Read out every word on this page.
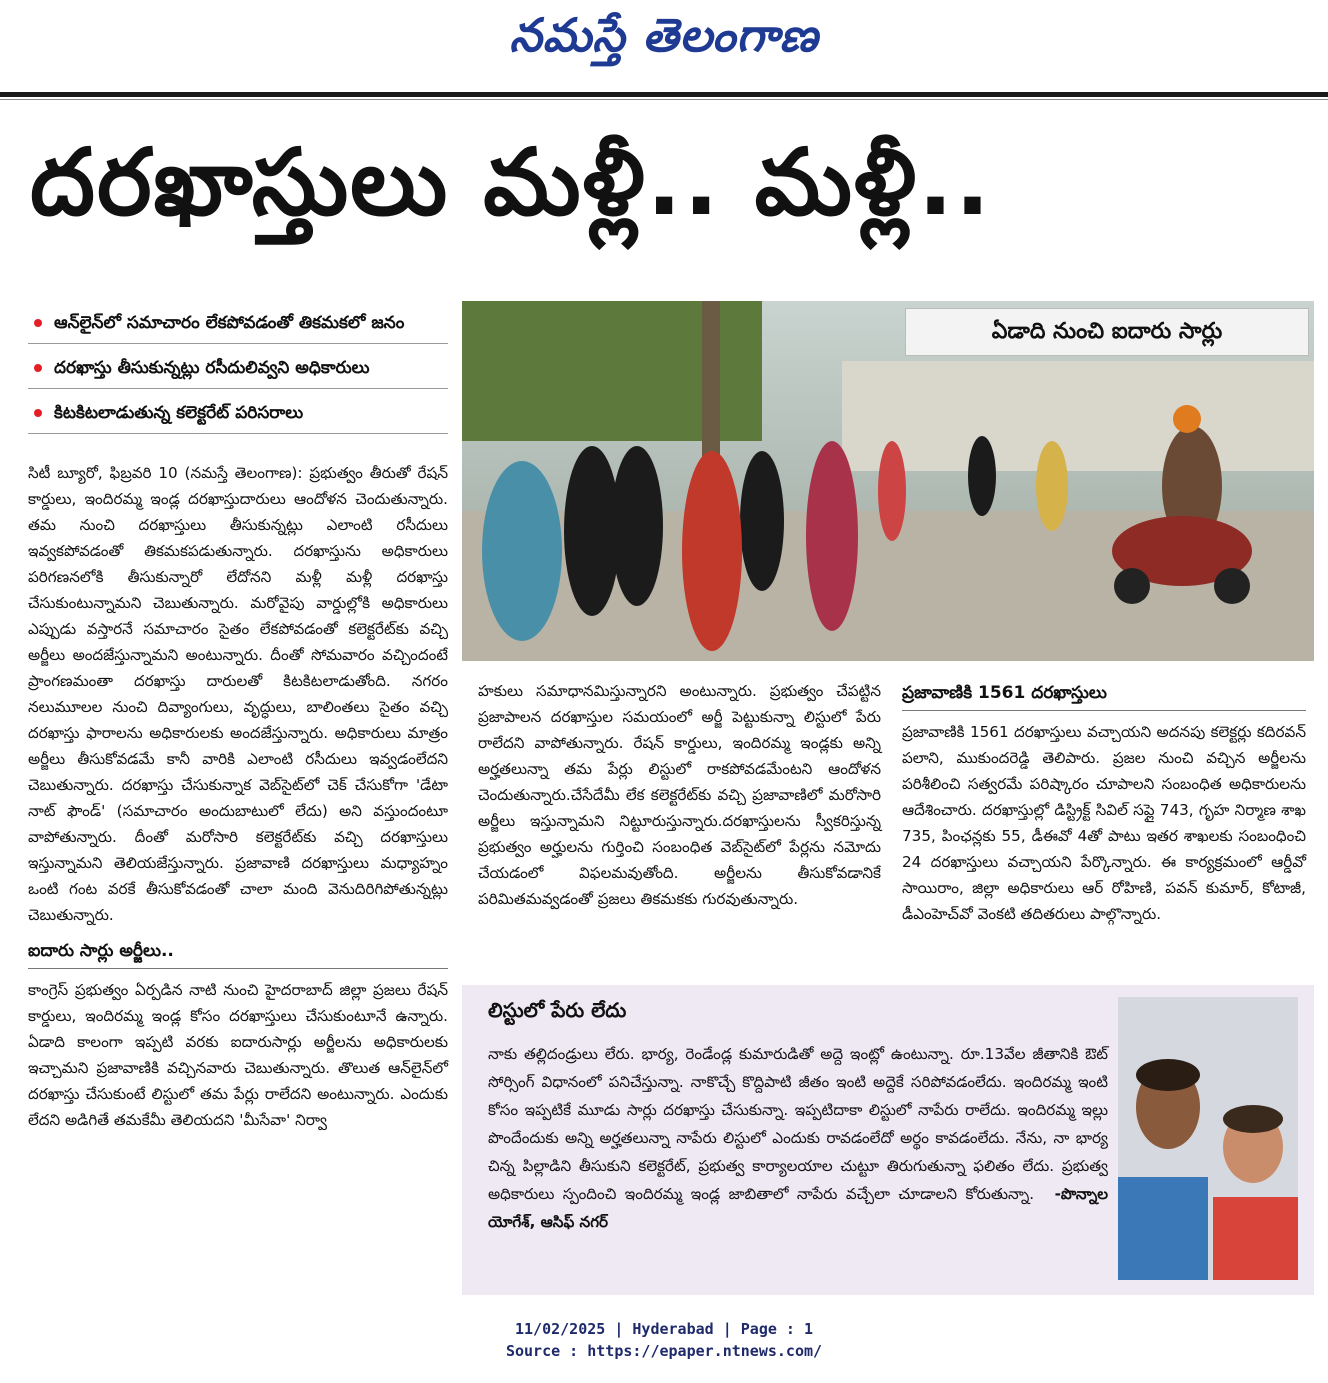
నమస్తే తెలంగాణ
దరఖాస్తులు మళ్లీ.. మళ్లీ..
ఆన్‌లైన్‌లో సమాచారం లేకపోవడంతో తికమకలో జనం
దరఖాస్తు తీసుకున్నట్లు రసీదులివ్వని అధికారులు
కిటకిటలాడుతున్న కలెక్టరేట్ పరిసరాలు
సిటీ బ్యూరో, ఫిబ్రవరి 10 (నమస్తే తెలంగాణ): ప్రభుత్వం తీరుతో రేషన్ కార్డులు, ఇందిరమ్మ ఇండ్ల దరఖాస్తుదారులు ఆందోళన చెందుతున్నారు. తమ నుంచి దరఖాస్తులు తీసుకున్నట్లు ఎలాంటి రసీదులు ఇవ్వకపోవడంతో తికమకపడుతున్నారు. దరఖాస్తును అధికారులు పరిగణనలోకి తీసుకున్నారో లేదోనని మళ్లీ మళ్లీ దరఖాస్తు చేసుకుంటున్నామని చెబుతున్నారు. మరోవైపు వార్డుల్లోకి అధికారులు ఎప్పుడు వస్తారనే సమాచారం సైతం లేకపోవడంతో కలెక్టరేట్‌కు వచ్చి అర్జీలు అందజేస్తున్నామని అంటున్నారు. దీంతో సోమవారం వచ్చిందంటే ప్రాంగణమంతా దరఖాస్తు దారులతో కిటకిటలాడుతోంది. నగరం నలుమూలల నుంచి దివ్యాంగులు, వృద్ధులు, బాలింతలు సైతం వచ్చి దరఖాస్తు ఫారాలను అధికారులకు అందజేస్తున్నారు. అధికారులు మాత్రం అర్జీలు తీసుకోవడమే కానీ వారికి ఎలాంటి రసీదులు ఇవ్వడంలేదని చెబుతున్నారు. దరఖాస్తు చేసుకున్నాక వెబ్‌సైట్‌లో చెక్ చేసుకోగా 'డేటా నాట్ ఫౌండ్' (సమాచారం అందుబాటులో లేదు) అని వస్తుందంటూ వాపోతున్నారు. దీంతో మరోసారి కలెక్టరేట్‌కు వచ్చి దరఖాస్తులు ఇస్తున్నామని తెలియజేస్తున్నారు. ప్రజావాణి దరఖాస్తులు మధ్యాహ్నం ఒంటి గంట వరకే తీసుకోవడంతో చాలా మంది వెనుదిరిగిపోతున్నట్లు చెబుతున్నారు.
ఐదారు సార్లు అర్జీలు..
కాంగ్రెస్ ప్రభుత్వం ఏర్పడిన నాటి నుంచి హైదరాబాద్ జిల్లా ప్రజలు రేషన్ కార్డులు, ఇందిరమ్మ ఇండ్ల కోసం దరఖాస్తులు చేసుకుంటూనే ఉన్నారు. ఏడాది కాలంగా ఇప్పటి వరకు ఐదారుసార్లు అర్జీలను అధికారులకు ఇచ్చామని ప్రజావాణికి వచ్చినవారు చెబుతున్నారు. తొలుత ఆన్‌లైన్‌లో దరఖాస్తు చేసుకుంటే లిస్టులో తమ పేర్లు రాలేదని అంటున్నారు. ఎందుకు లేదని అడిగితే తమకేమీ తెలియదని 'మీసేవా' నిర్వా
ఏడాది నుంచి ఐదారు సార్లు
హకులు సమాధానమిస్తున్నారని అంటున్నారు. ప్రభుత్వం చేపట్టిన ప్రజాపాలన దరఖాస్తుల సమయంలో అర్జీ పెట్టుకున్నా లిస్టులో పేరు రాలేదని వాపోతున్నారు. రేషన్ కార్డులు, ఇందిరమ్మ ఇండ్లకు అన్ని అర్హతలున్నా తమ పేర్లు లిస్టులో రాకపోవడమేంటని ఆందోళన చెందుతున్నారు.చేసేదేమీ లేక కలెక్టరేట్‌కు వచ్చి ప్రజావాణిలో మరోసారి అర్జీలు ఇస్తున్నామని నిట్టూరుస్తున్నారు.దరఖాస్తులను స్వీకరిస్తున్న ప్రభుత్వం అర్హులను గుర్తించి సంబంధిత వెబ్‌సైట్‌లో పేర్లను నమోదు చేయడంలో విఫలమవుతోంది. అర్జీలను తీసుకోవడానికే పరిమితమవ్వడంతో ప్రజలు తికమకకు గురవుతున్నారు.
ప్రజావాణికి 1561 దరఖాస్తులు
ప్రజావాణికి 1561 దరఖాస్తులు వచ్చాయని అదనపు కలెక్టర్లు కదిరవన్ పలాని, ముకుందరెడ్డి తెలిపారు. ప్రజల నుంచి వచ్చిన అర్జీలను పరిశీలించి సత్వరమే పరిష్కారం చూపాలని సంబంధిత అధికారులను ఆదేశించారు. దరఖాస్తుల్లో డిస్ట్రిక్ట్ సివిల్ సప్లై 743, గృహ నిర్మాణ శాఖ 735, పింఛన్లకు 55, డీఈవో 4తో పాటు ఇతర శాఖలకు సంబంధించి 24 దరఖాస్తులు వచ్చాయని పేర్కొన్నారు. ఈ కార్యక్రమంలో ఆర్డీవో సాయిరాం, జిల్లా అధికారులు ఆర్ రోహిణి, పవన్ కుమార్, కోటాజీ, డీఎంహెచ్‌వో వెంకటి తదితరులు పాల్గొన్నారు.
లిస్టులో పేరు లేదు
నాకు తల్లిదండ్రులు లేరు. భార్య, రెండేండ్ల కుమారుడితో అద్దె ఇంట్లో ఉంటున్నా. రూ.13వేల జీతానికి ఔట్ సోర్సింగ్ విధానంలో పనిచేస్తున్నా. నాకొచ్చే కొద్దిపాటి జీతం ఇంటి అద్దెకే సరిపోవడంలేదు. ఇందిరమ్మ ఇంటి కోసం ఇప్పటికే మూడు సార్లు దరఖాస్తు చేసుకున్నా. ఇప్పటిదాకా లిస్టులో నాపేరు రాలేదు. ఇందిరమ్మ ఇల్లు పొందేందుకు అన్ని అర్హతలున్నా నాపేరు లిస్టులో ఎందుకు రావడంలేదో అర్థం కావడంలేదు. నేను, నా భార్య చిన్న పిల్లాడిని తీసుకుని కలెక్టరేట్, ప్రభుత్వ కార్యాలయాల చుట్టూ తిరుగుతున్నా ఫలితం లేదు. ప్రభుత్వ అధికారులు స్పందించి ఇందిరమ్మ ఇండ్ల జాబితాలో నాపేరు వచ్చేలా చూడాలని కోరుతున్నా. -పొన్నాల యోగేశ్, ఆసిఫ్ నగర్
11/02/2025 | Hyderabad | Page : 1
Source : https://epaper.ntnews.com/
